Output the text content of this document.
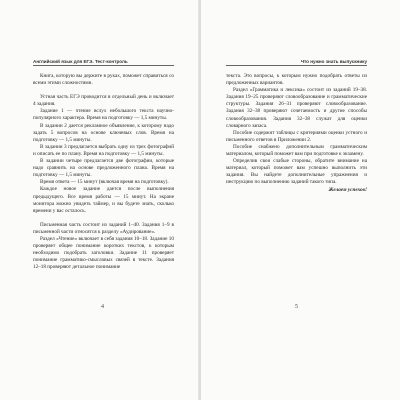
Английский язык для ЕГЭ. Тест-контроль

Книга, которую вы держите в руках, поможет справиться со всеми этими сложностями.

Устная часть ЕГЭ проводится в отдельный день и включает 4 задания.

Задание 1 — чтение вслух небольшого текста научно-популярного характера. Время на подготовку — 1,5 минуты.

В задании 2 дается рекламное объявление, к которому надо задать 5 вопросов на основе ключевых слов. Время на подготовку — 1,5 минуты.

В задании 3 предлагается выбрать одну из трех фотографий и описать ее по плану. Время на подготовку — 1,5 минуты.

В задании четыре предлагается две фотографии, которые надо сравнить на основе предложенного плана. Время на подготовку — 1,5 минуты.

Время ответа — 15 минут (включая время на подготовку).

Каждое новое задание дается после выполнения предыдущего. Все время работы — 15 минут. На экране монитора можно увидеть таймер, и вы будете знать, сколько времени у вас осталось.

Письменная часть состоит из заданий 1–40. Задания 1–9 в письменной части относятся к разделу «Аудирование».

Раздел «Чтение» включает в себя задания 10–18. Задание 10 проверяет общее понимание коротких текстов, к которым необходимо подобрать заголовки. Задание 11 проверяет понимание грамматико-смысловых связей в тексте. Задания 12–18 проверяют детальное понимание

4
Что нужно знать выпускнику

текста. Это вопросы, к которым нужно подобрать ответы из предложенных вариантов.

Раздел «Грамматика и лексика» состоит из заданий 19–38. Задания 19–25 проверяют словообразование и грамматические структуры. Задания 26–31 проверяют словообразование. Задания 32–38 проверяют сочетаемость и другие способы словообразования. Задания 32–38 служат для оценки словарного запаса.

Пособие содержит таблицы с критериями оценки устного и письменного ответов в Приложении 2.

Пособие снабжено дополнительным грамматическим материалом, который поможет вам при подготовке к экзамену.

Определив свои слабые стороны, обратите внимание на материал, который поможет вам успешно выполнить эти задания. Вы найдете дополнительные упражнения и инструкцию по выполнению заданий такого типа.

Желаем успехов!

5
